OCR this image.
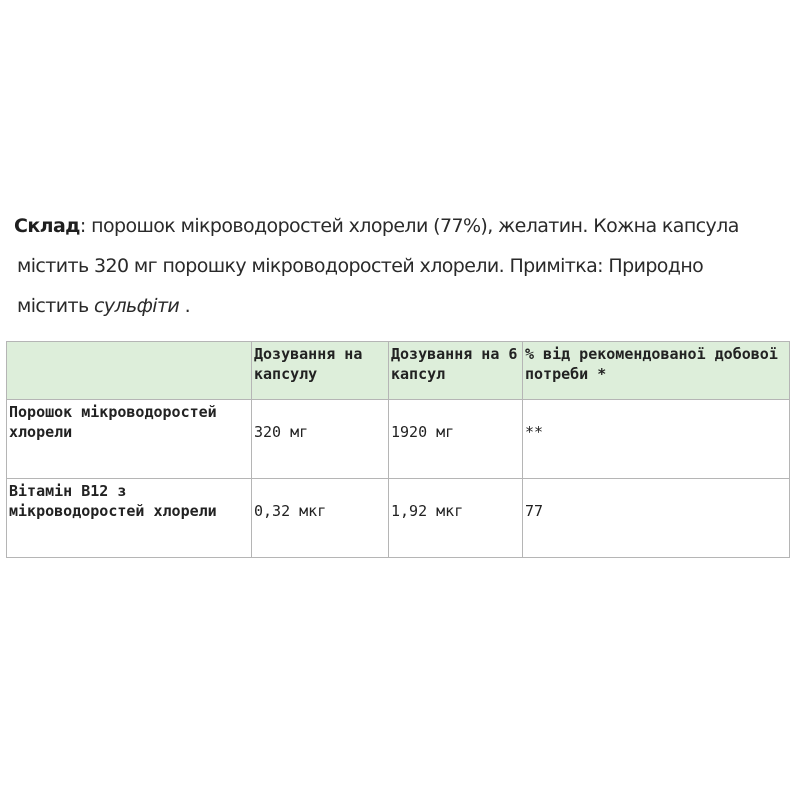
Склад: порошок мікроводоростей хлорели (77%), желатин. Кожна капсула
містить 320 мг порошку мікроводоростей хлорели. Примітка: Природно
містить сульфіти .
	Дозування на капсулу	Дозування на 6 капсул	% від рекомендованої добової потреби *
Порошок мікроводоростей хлорели	320 мг	1920 мг	**
Вітамін B12 з мікроводоростей хлорели	0,32 мкг	1,92 мкг	77
